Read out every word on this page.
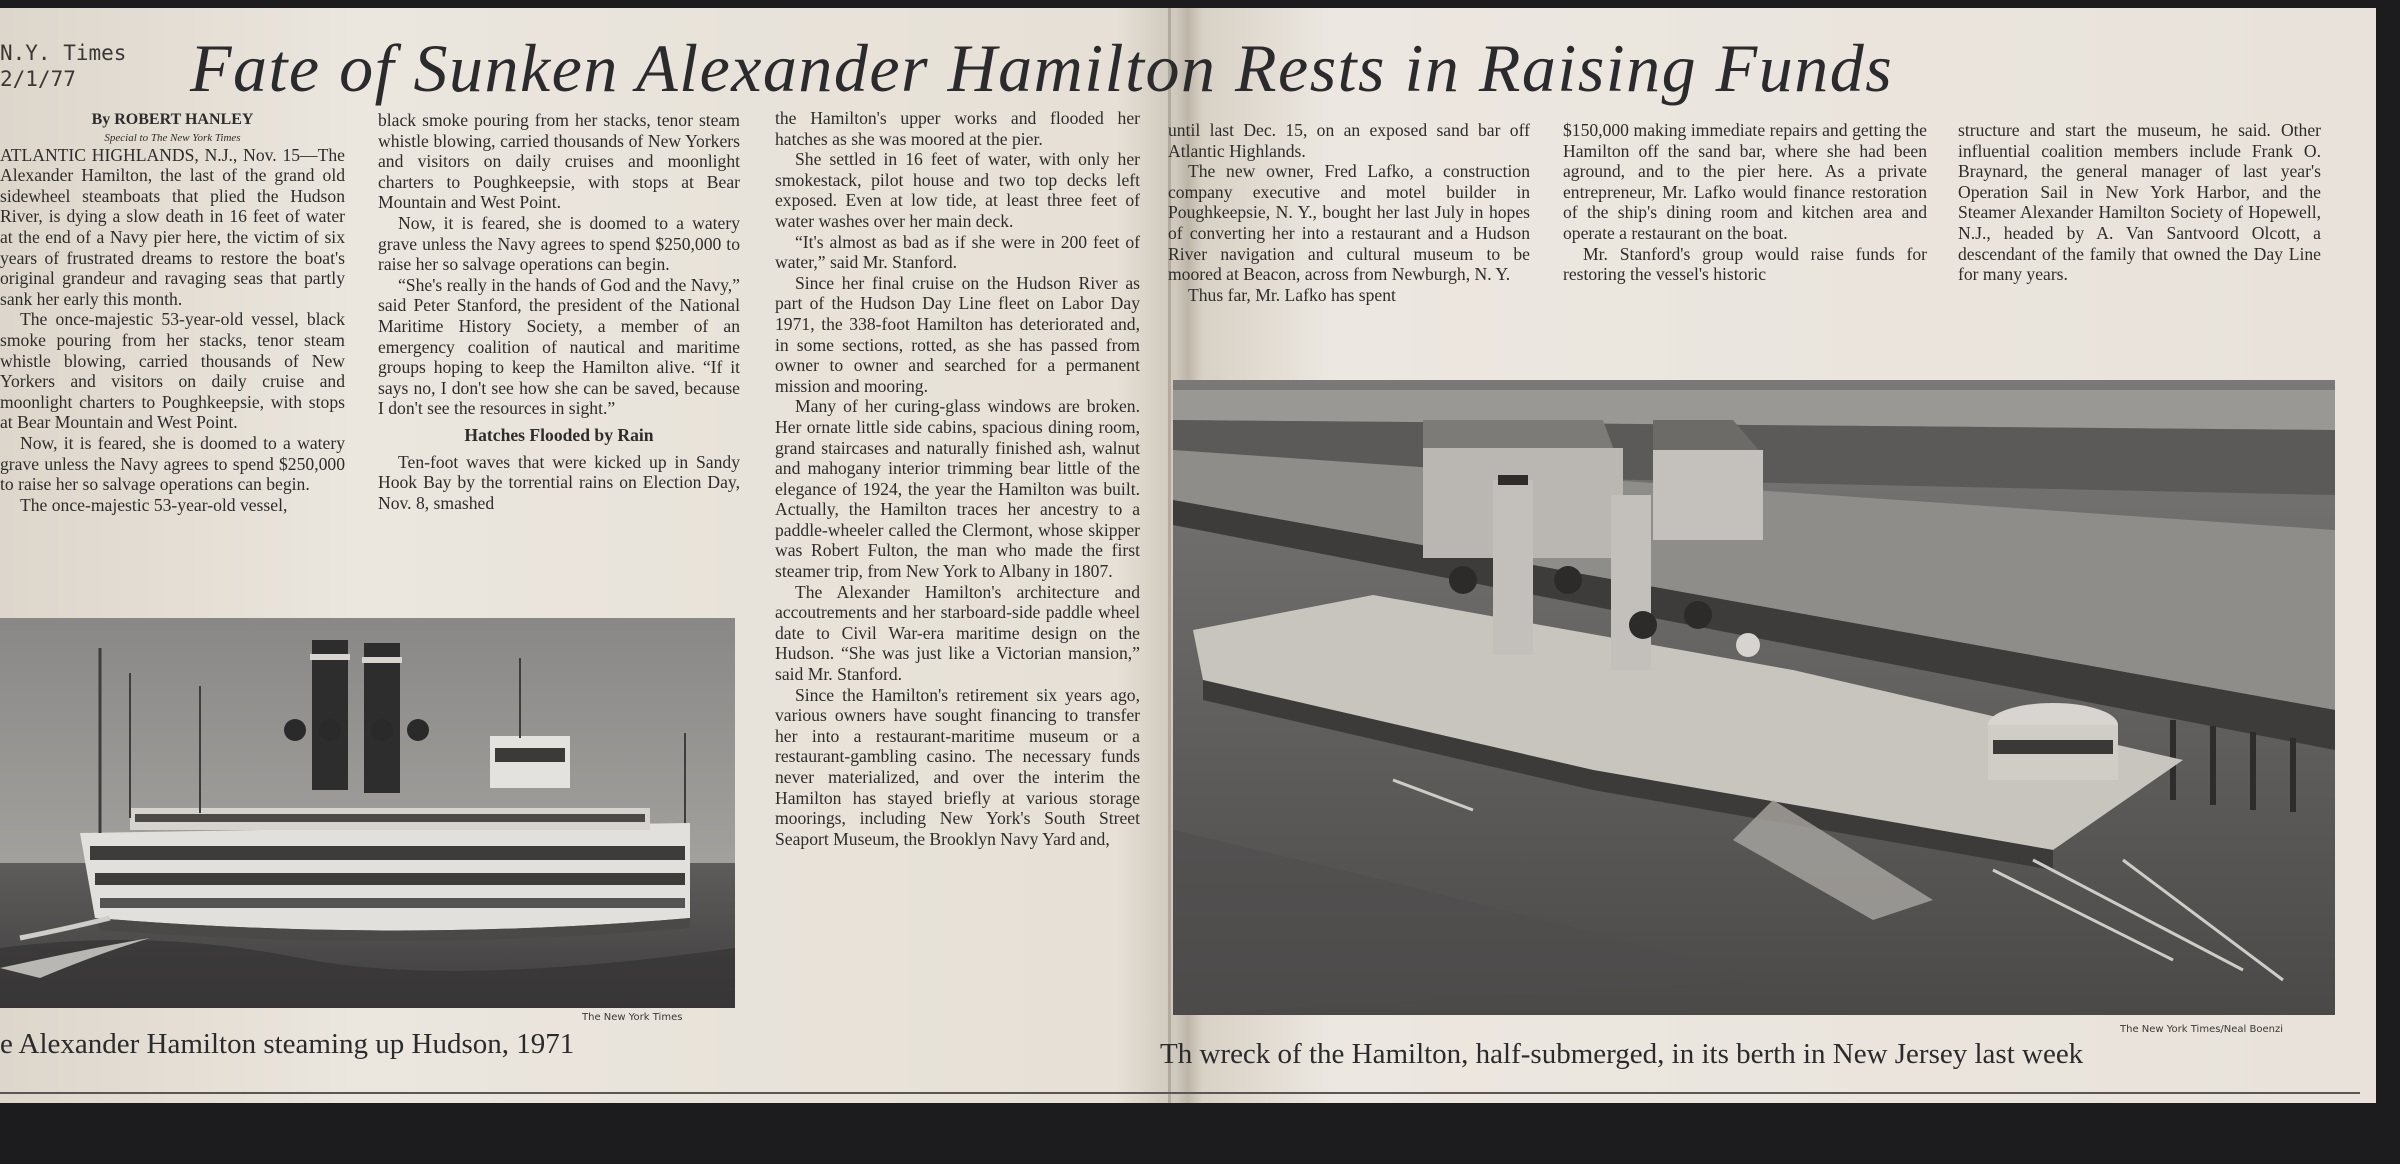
N.Y. Times
2/1/77	Fate of Sunken Alexander Hamilton Rests in Raising Funds

By ROBERT HANLEY

Special to The New York Times

ATLANTIC HIGHLANDS, N.J., Nov. 15—The Alexander Hamilton, the last of the grand old sidewheel steamboats that plied the Hudson River, is dying a slow death in 16 feet of water at the end of a Navy pier here, the victim of six years of frustrated dreams to restore the boat's original grandeur and ravaging seas that partly sank her early this month.

The once-majestic 53-year-old vessel, black smoke pouring from her stacks, tenor steam whistle blowing, carried thousands of New Yorkers and visitors on daily cruise and moonlight charters to Poughkeepsie, with stops at Bear Mountain and West Point.

Now, it is feared, she is doomed to a watery grave unless the Navy agrees to spend $250,000 to raise her so salvage operations can begin.

The once-majestic 53-year-old vessel,

black smoke pouring from her stacks, tenor steam whistle blowing, carried thousands of New Yorkers and visitors on daily cruises and moonlight charters to Poughkeepsie, with stops at Bear Mountain and West Point.

Now, it is feared, she is doomed to a watery grave unless the Navy agrees to spend $250,000 to raise her so salvage operations can begin.

“She's really in the hands of God and the Navy,” said Peter Stanford, the president of the National Maritime History Society, a member of an emergency coalition of nautical and maritime groups hoping to keep the Hamilton alive. “If it says no, I don't see how she can be saved, because I don't see the resources in sight.”

Hatches Flooded by Rain

Ten-foot waves that were kicked up in Sandy Hook Bay by the torrential rains on Election Day, Nov. 8, smashed

the Hamilton's upper works and flooded her hatches as she was moored at the pier.

She settled in 16 feet of water, with only her smokestack, pilot house and two top decks left exposed. Even at low tide, at least three feet of water washes over her main deck.

“It's almost as bad as if she were in 200 feet of water,” said Mr. Stanford.

Since her final cruise on the Hudson River as part of the Hudson Day Line fleet on Labor Day 1971, the 338-foot Hamilton has deteriorated and, in some sections, rotted, as she has passed from owner to owner and searched for a permanent mission and mooring.

Many of her curing-glass windows are broken. Her ornate little side cabins, spacious dining room, grand staircases and naturally finished ash, walnut and mahogany interior trimming bear little of the elegance of 1924, the year the Hamilton was built. Actually, the Hamilton traces her ancestry to a paddle-wheeler called the Clermont, whose skipper was Robert Fulton, the man who made the first steamer trip, from New York to Albany in 1807.

The Alexander Hamilton's architecture and accoutrements and her starboard-side paddle wheel date to Civil War-era maritime design on the Hudson. “She was just like a Victorian mansion,” said Mr. Stanford.

Since the Hamilton's retirement six years ago, various owners have sought financing to transfer her into a restaurant-maritime museum or a restaurant-gambling casino. The necessary funds never materialized, and over the interim the Hamilton has stayed briefly at various storage moorings, including New York's South Street Seaport Museum, the Brooklyn Navy Yard and,

until last Dec. 15, on an exposed sand bar off Atlantic Highlands.

The new owner, Fred Lafko, a construction company executive and motel builder in Poughkeepsie, N. Y., bought her last July in hopes of converting her into a restaurant and a Hudson River navigation and cultural museum to be moored at Beacon, across from Newburgh, N. Y.

Thus far, Mr. Lafko has spent

$150,000 making immediate repairs and getting the Hamilton off the sand bar, where she had been aground, and to the pier here. As a private entrepreneur, Mr. Lafko would finance restoration of the ship's dining room and kitchen area and operate a restaurant on the boat.

Mr. Stanford's group would raise funds for restoring the vessel's historic

structure and start the museum, he said. Other influential coalition members include Frank O. Braynard, the general manager of last year's Operation Sail in New York Harbor, and the Steamer Alexander Hamilton Society of Hopewell, N.J., headed by A. Van Santvoord Olcott, a descendant of the family that owned the Day Line for many years.

The New York Times
e Alexander Hamilton steaming up Hudson, 1971	The New York Times/Neal Boenzi
Th wreck of the Hamilton, half-submerged, in its berth in New Jersey last week
